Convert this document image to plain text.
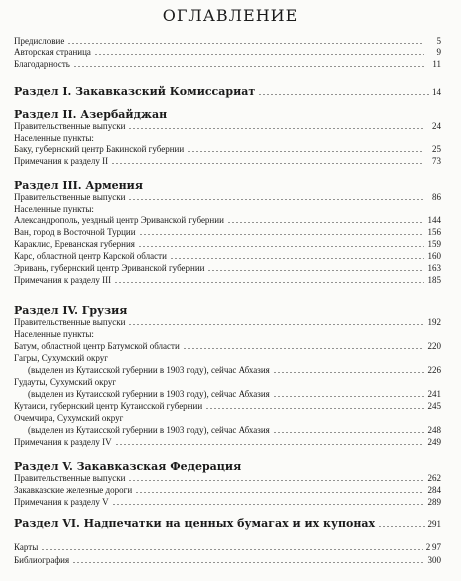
ОГЛАВЛЕНИЕ
Предисловие	5
Авторская страница	9
Благодарность	11
Раздел I. Закавказский Комиссариат	14
Раздел II. Азербайджан
Правительственные выпуски	24
Населенные пункты:
Баку, губернский центр Бакинской губернии	25
Примечания к разделу II	73
Раздел III. Армения
Правительственные выпуски	86
Населенные пункты:
Александрополь, уездный центр Эриванской губернии	144
Ван, город в Восточной Турции	156
Караклис, Ереванская губерния	159
Карс, областной центр Карской области	160
Эривань, губернский центр Эриванской губернии	163
Примечания к разделу III	185
Раздел IV. Грузия
Правительственные выпуски	192
Населенные пункты:
Батум, областной центр Батумской области	220
Гагры, Сухумский округ
(выделен из Кутаисской губернии в 1903 году), сейчас Абхазия	226
Гудауты, Сухумский округ
(выделен из Кутаисской губернии в 1903 году), сейчас Абхазия	241
Кутаиси, губернский центр Кутаисской губернии	245
Очемчира, Сухумский округ
(выделен из Кутаисской губернии в 1903 году), сейчас Абхазия	248
Примечания к разделу IV	249
Раздел V. Закавказская Федерация
Правительственные выпуски	262
Закавказские железные дороги	284
Примечания к разделу V	289
Раздел VI. Надпечатки на ценных бумагах и их купонах	291
Карты	2 97
Библиография	300
